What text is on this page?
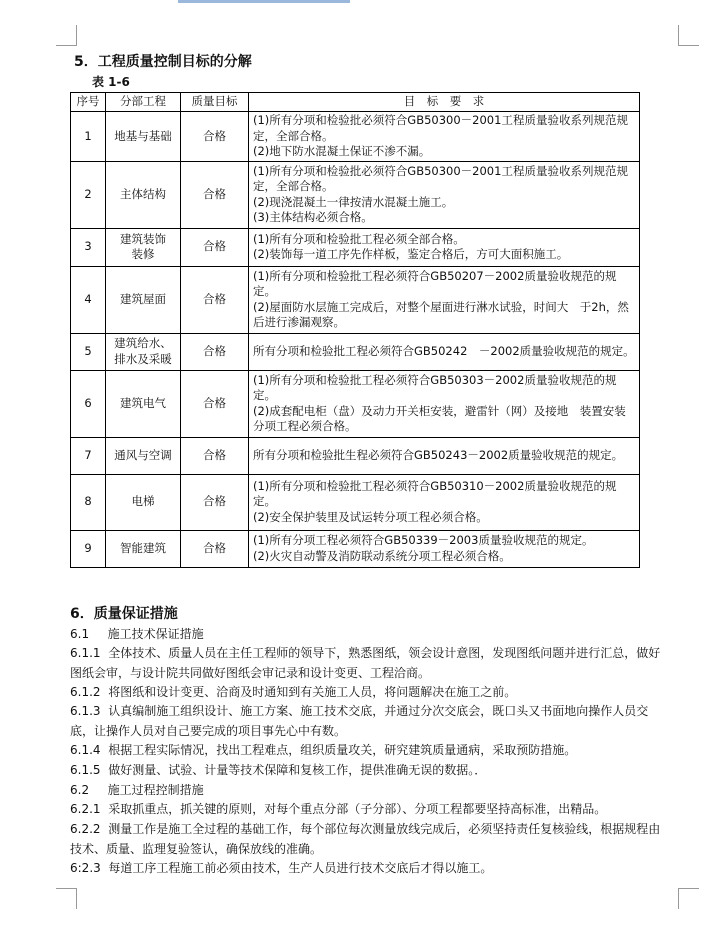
5．工程质量控制目标的分解
表 1-6
序号	分部工程	质量目标	目　标　要　求
1	地基与基础	合格	(1)所有分项和检验批必须符合GB50300－2001工程质量验收系列规范规定，全部合格。
(2)地下防水混凝土保证不渗不漏。

2	主体结构	合格	(1)所有分项和检验批必须符合GB50300－2001工程质量验收系列规范规定，全部合格。
(2)现浇混凝土一律按清水混凝土施工。
(3)主体结构必须合格。

3	建筑装饰装修	合格	(1)所有分项和检验批工程必须全部合格。
(2)装饰每一道工序先作样板，鉴定合格后，方可大面积施工。

4	建筑屋面	合格	(1)所有分项和检验批工程必须符合GB50207－2002质量验收规范的规定。
(2)屋面防水层施工完成后，对整个屋面进行淋水试验，时间大　于2h，然后进行渗漏观察。

5	建筑给水、排水及采暖	合格	所有分项和检验批工程必须符合GB50242　－2002质量验收规范的规定。

6	建筑电气	合格	(1)所有分项和检验批工程必须符合GB50303－2002质量验收规范的规定。
(2)成套配电柜（盘）及动力开关柜安装，避雷针（网）及接地　装置安装分项工程必须合格。

7	通风与空调	合格	所有分项和检验批生程必须符合GB50243－2002质量验收规范的规定。

8	电梯	合格	(1)所有分项和检验批工程必须符合GB50310－2002质量验收规范的规定。
(2)安全保护装里及试运转分项工程必须合格。

9	智能建筑	合格	(1)所有分项工程必须符合GB50339－2003质量验收规范的规定。
(2)火灾自动警及消防联动系统分项工程必须合格。
6．质量保证措施

6.1 施工技术保证措施

6.1.1 全体技术、质量人员在主任工程师的领导下，熟悉图纸，领会设计意图，发现图纸问题并进行汇总，做好图纸会审，与设计院共同做好图纸会审记录和设计变更、工程洽商。

6.1.2 将图纸和设计变更、洽商及时通知到有关施工人员，将问题解决在施工之前。

6.1.3 认真编制施工组织设计、施工方案、施工技术交底，并通过分次交底会，既口头又书面地向操作人员交底，让操作人员对自己要完成的项目事先心中有数。

6.1.4 根据工程实际情况，找出工程难点，组织质量攻关，研究建筑质量通病，采取预防措施。

6.1.5 做好测量、试验、计量等技术保障和复核工作，提供准确无误的数据。．

6.2 施工过程控制措施

6.2.1 采取抓重点，抓关键的原则，对每个重点分部（子分部）、分项工程都要坚持高标准，出精品。

6.2.2 测量工作是施工全过程的基础工作，每个部位每次测量放线完成后，必须坚持责任复核验线，根据规程由技术、质量、监理复验签认，确保放线的准确。

6:2.3 每道工序工程施工前必须由技术，生产人员进行技术交底后才得以施工。
